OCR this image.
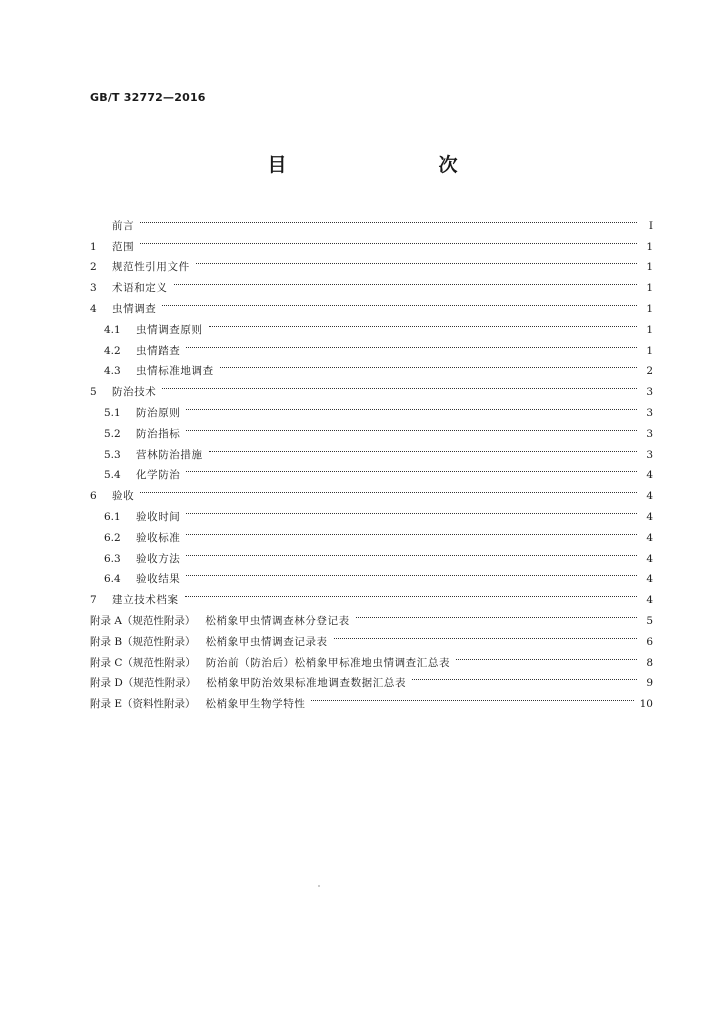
GB/T 32772—2016
目　　次
前言	Ⅰ
1	范围	1
2	规范性引用文件	1
3	术语和定义	1
4	虫情调查	1
4.1	虫情调查原则	1
4.2	虫情踏查	1
4.3	虫情标准地调查	2
5	防治技术	3
5.1	防治原则	3
5.2	防治指标	3
5.3	营林防治措施	3
5.4	化学防治	4
6	验收	4
6.1	验收时间	4
6.2	验收标准	4
6.3	验收方法	4
6.4	验收结果	4
7	建立技术档案	4
附录 A（规范性附录） 松梢象甲虫情调查林分登记表	5
附录 B（规范性附录） 松梢象甲虫情调查记录表	6
附录 C（规范性附录） 防治前（防治后）松梢象甲标准地虫情调查汇总表	8
附录 D（规范性附录） 松梢象甲防治效果标准地调查数据汇总表	9
附录 E（资料性附录） 松梢象甲生物学特性	10
